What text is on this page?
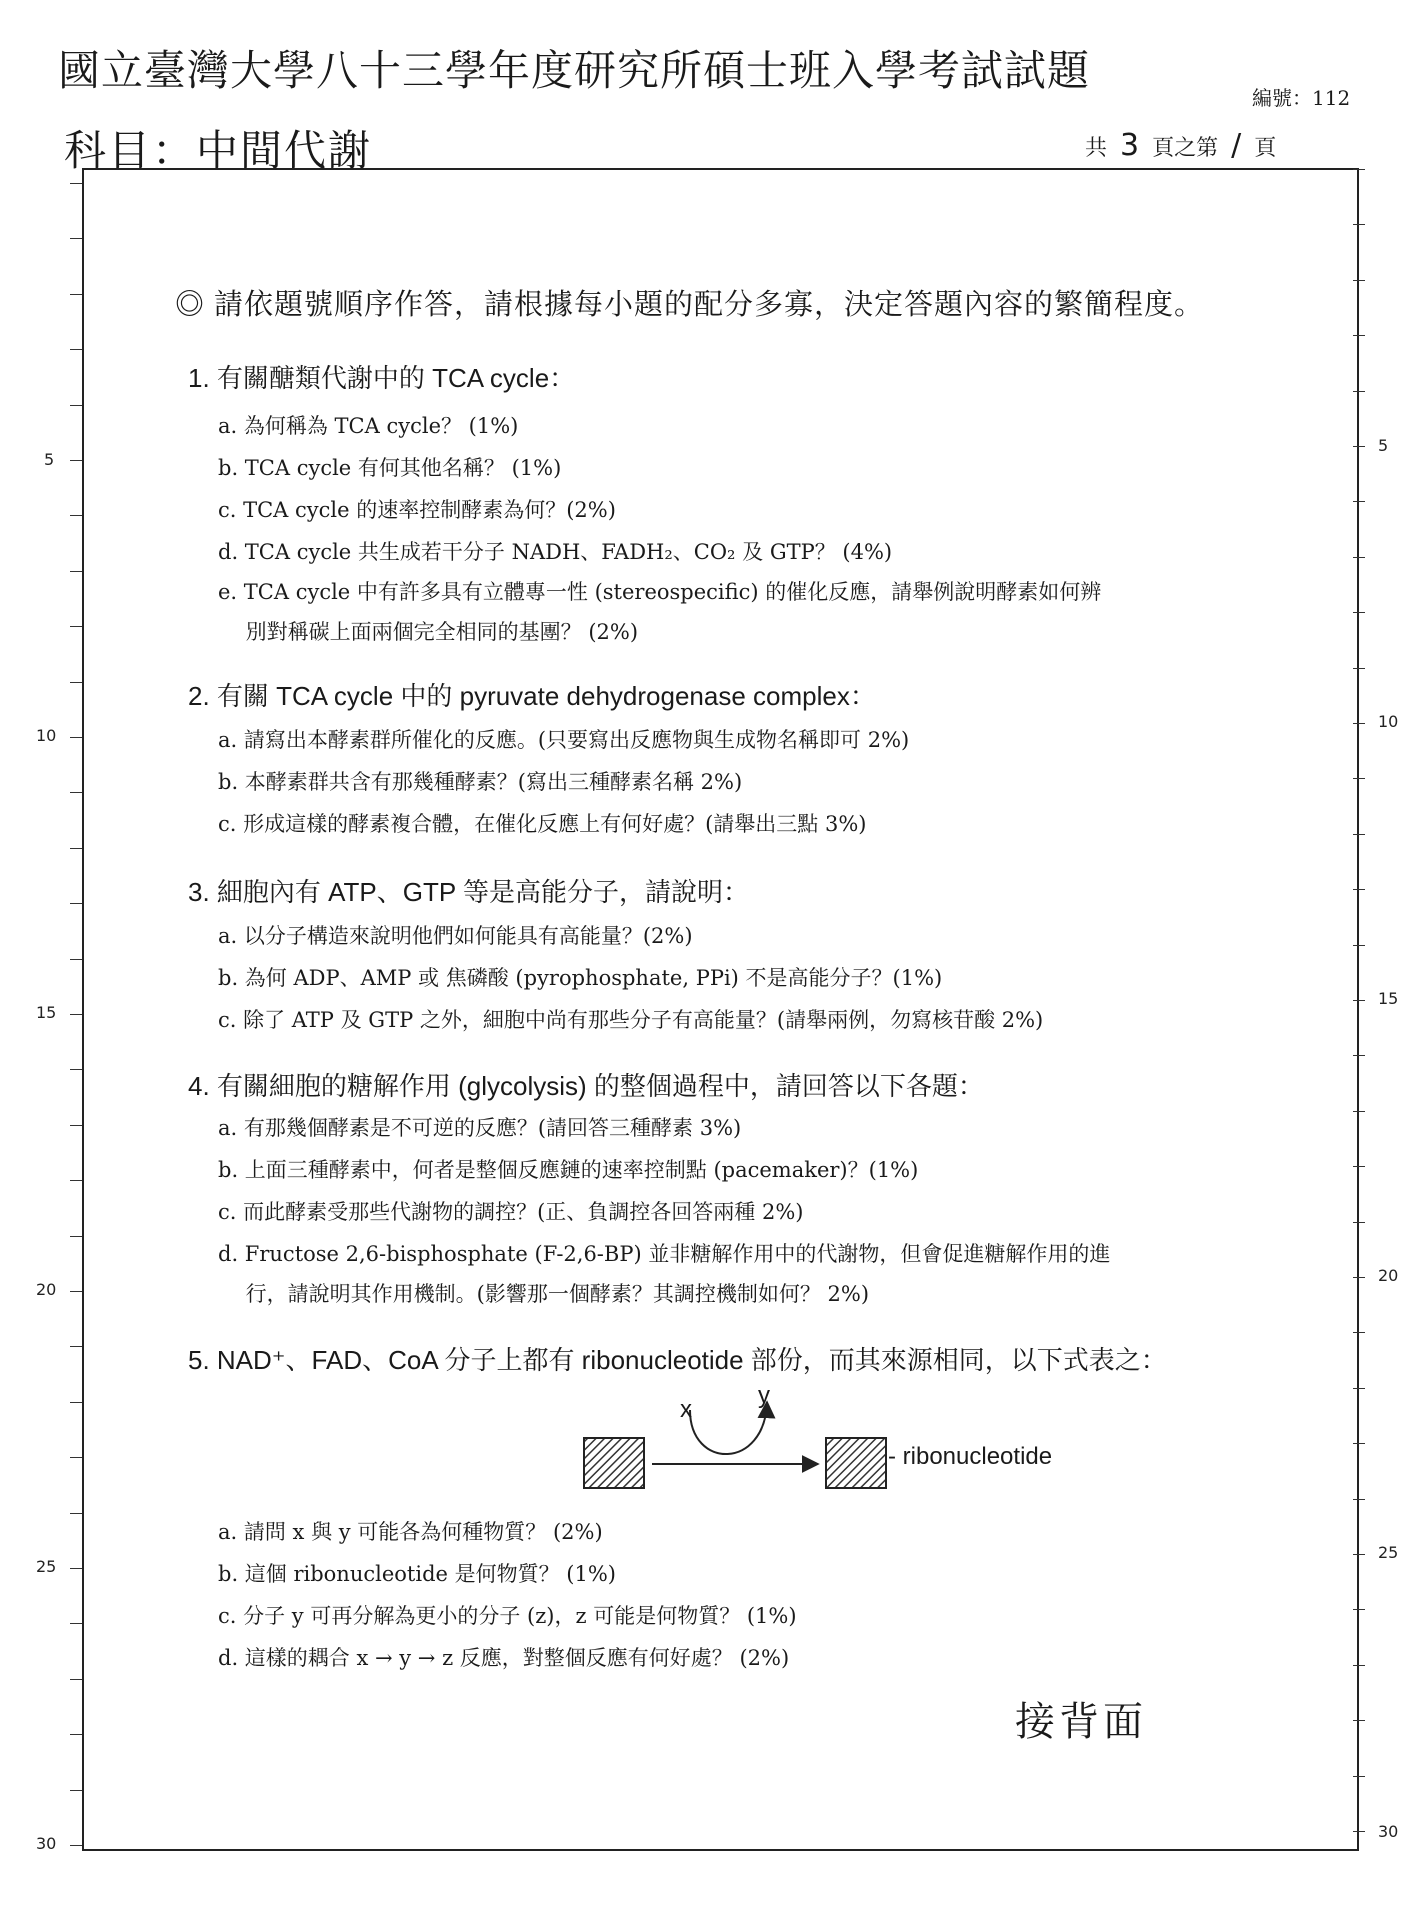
國立臺灣大學八十三學年度研究所碩士班入學考試試題
編號：112
科目：中間代謝	共 3 頁之第 / 頁
5
10
15
20
25
30
5
10
15
20
25
30
◎ 請依題號順序作答，請根據每小題的配分多寡，決定答題內容的繁簡程度。
1. 有關醣類代謝中的 TCA cycle：
a. 為何稱為 TCA cycle？ (1%)
b. TCA cycle 有何其他名稱？ (1%)
c. TCA cycle 的速率控制酵素為何？(2%)
d. TCA cycle 共生成若干分子 NADH、FADH₂、CO₂ 及 GTP？ (4%)
e. TCA cycle 中有許多具有立體專一性 (stereospecific) 的催化反應，請舉例說明酵素如何辨
　 別對稱碳上面兩個完全相同的基團？ (2%)
2. 有關 TCA cycle 中的 pyruvate dehydrogenase complex：
a. 請寫出本酵素群所催化的反應。(只要寫出反應物與生成物名稱即可 2%)
b. 本酵素群共含有那幾種酵素？(寫出三種酵素名稱 2%)
c. 形成這樣的酵素複合體，在催化反應上有何好處？(請舉出三點 3%)
3. 細胞內有 ATP、GTP 等是高能分子，請說明：
a. 以分子構造來說明他們如何能具有高能量？(2%)
b. 為何 ADP、AMP 或 焦磷酸 (pyrophosphate, PPi) 不是高能分子？(1%)
c. 除了 ATP 及 GTP 之外，細胞中尚有那些分子有高能量？(請舉兩例，勿寫核苷酸 2%)
4. 有關細胞的糖解作用 (glycolysis) 的整個過程中，請回答以下各題：
a. 有那幾個酵素是不可逆的反應？(請回答三種酵素 3%)
b. 上面三種酵素中，何者是整個反應鏈的速率控制點 (pacemaker)？(1%)
c. 而此酵素受那些代謝物的調控？(正、負調控各回答兩種 2%)
d. Fructose 2,6-bisphosphate (F-2,6-BP) 並非糖解作用中的代謝物，但會促進糖解作用的進
　 行，請說明其作用機制。(影響那一個酵素？其調控機制如何？ 2%)
5. NAD⁺、FAD、CoA 分子上都有 ribonucleotide 部份，而其來源相同，以下式表之：
x
y
- ribonucleotide
a. 請問 x 與 y 可能各為何種物質？ (2%)
b. 這個 ribonucleotide 是何物質？ (1%)
c. 分子 y 可再分解為更小的分子 (z)，z 可能是何物質？ (1%)
d. 這樣的耦合 x → y → z 反應，對整個反應有何好處？ (2%)
接背面
